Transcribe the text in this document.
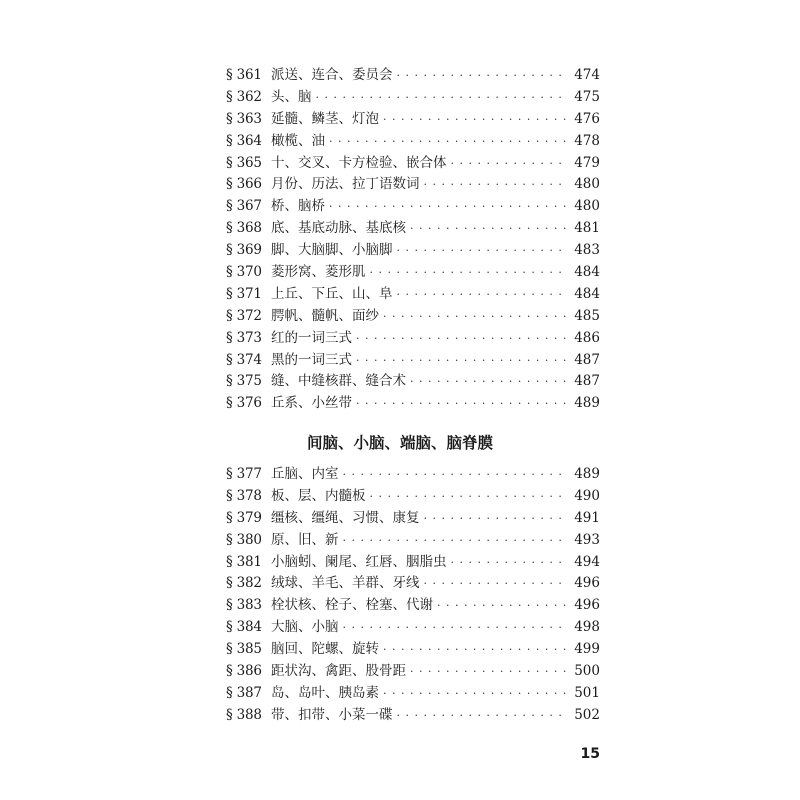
§ 361 派送、连合、委员会 · · ·	474
§ 362 头、脑 · · ·	475
§ 363 延髓、鳞茎、灯泡 · · ·	476
§ 364 橄榄、油 · · ·	478
§ 365 十、交叉、卡方检验、嵌合体 · · ·	479
§ 366 月份、历法、拉丁语数词 · · ·	480
§ 367 桥、脑桥 · · ·	480
§ 368 底、基底动脉、基底核 · · ·	481
§ 369 脚、大脑脚、小脑脚 · · ·	483
§ 370 菱形窝、菱形肌 · · ·	484
§ 371 上丘、下丘、山、阜 · · ·	484
§ 372 腭帆、髓帆、面纱 · · ·	485
§ 373 红的一词三式 · · ·	486
§ 374 黑的一词三式 · · ·	487
§ 375 缝、中缝核群、缝合术 · · ·	487
§ 376 丘系、小丝带 · · ·	489
间脑、小脑、端脑、脑脊膜
§ 377 丘脑、内室 · · ·	489
§ 378 板、层、内髓板 · · ·	490
§ 379 缰核、缰绳、习惯、康复 · · ·	491
§ 380 原、旧、新 · · ·	493
§ 381 小脑蚓、阑尾、红唇、胭脂虫 · · ·	494
§ 382 绒球、羊毛、羊群、牙线 · · ·	496
§ 383 栓状核、栓子、栓塞、代谢 · · ·	496
§ 384 大脑、小脑 · · ·	498
§ 385 脑回、陀螺、旋转 · · ·	499
§ 386 距状沟、禽距、股骨距 · · ·	500
§ 387 岛、岛叶、胰岛素 · · ·	501
§ 388 带、扣带、小菜一碟 · · ·	502
15
